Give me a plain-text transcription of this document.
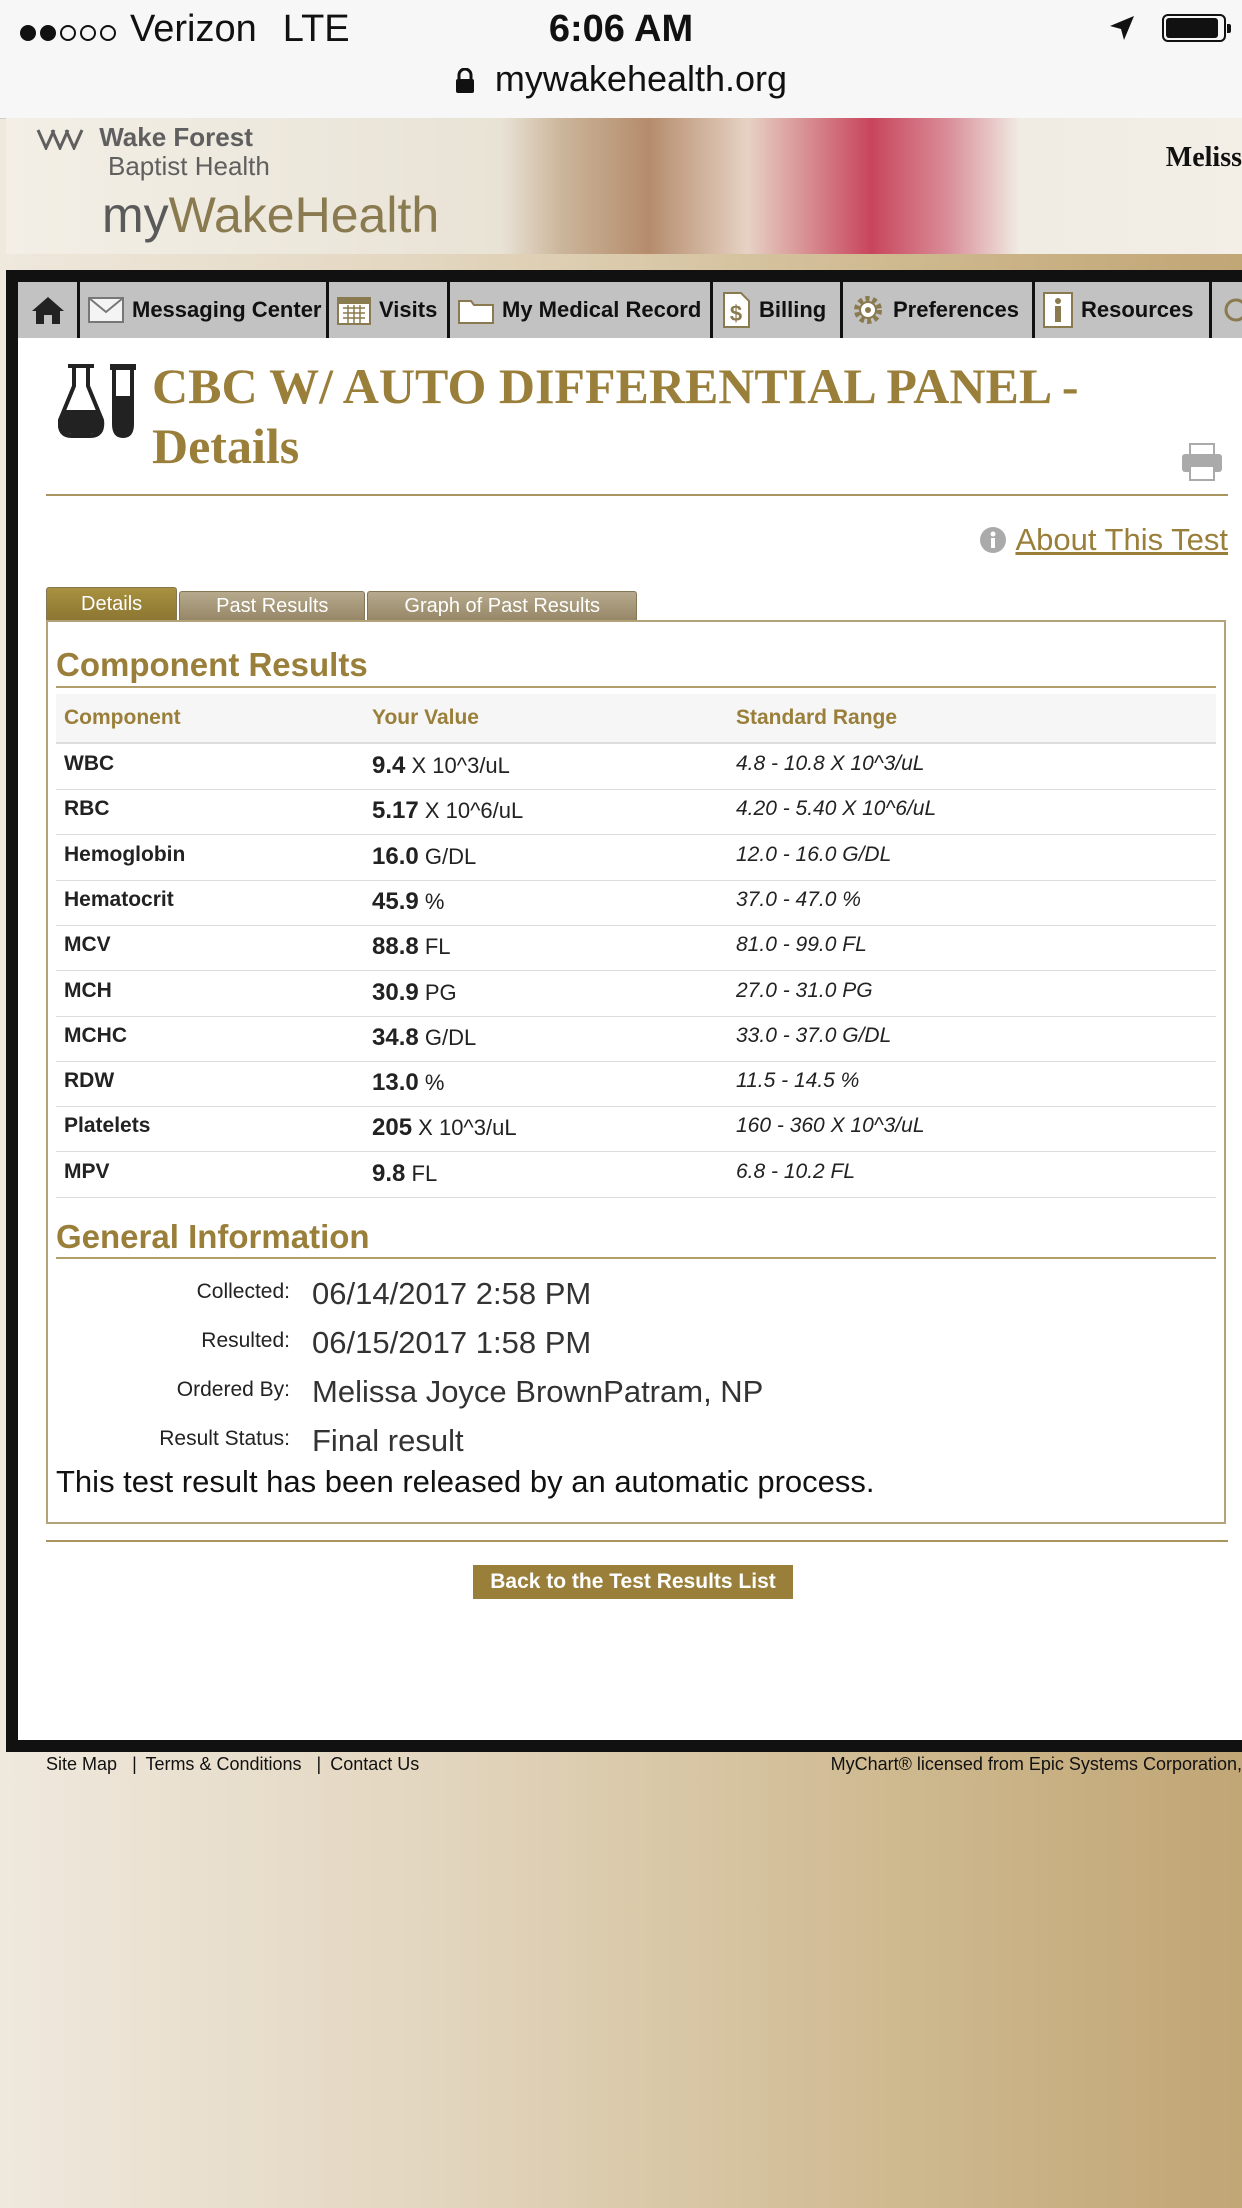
Verizon LTE	6:06 AM
mywakehealth.org
Wake Forest
Baptist Health
myWakeHealth
Meliss
Messaging Center	Visits	My Medical Record $ Billing	Preferences	Resources
CBC W/ AUTO DIFFERENTIAL PANEL - Details
About This Test
Details	Past Results	Graph of Past Results
Component Results
Component	Your Value	Standard Range
WBC	9.4 X 10^3/uL	4.8 - 10.8 X 10^3/uL
RBC	5.17 X 10^6/uL	4.20 - 5.40 X 10^6/uL
Hemoglobin	16.0 G/DL	12.0 - 16.0 G/DL
Hematocrit	45.9 %	37.0 - 47.0 %
MCV	88.8 FL	81.0 - 99.0 FL
MCH	30.9 PG	27.0 - 31.0 PG
MCHC	34.8 G/DL	33.0 - 37.0 G/DL
RDW	13.0 %	11.5 - 14.5 %
Platelets	205 X 10^3/uL	160 - 360 X 10^3/uL
MPV	9.8 FL	6.8 - 10.2 FL
General Information
Collected: 06/14/2017 2:58 PM
Resulted: 06/15/2017 1:58 PM
Ordered By: Melissa Joyce BrownPatram, NP
Result Status: Final result
This test result has been released by an automatic process.
Back to the Test Results List
Site Map | Terms & Conditions | Contact Us	MyChart® licensed from Epic Systems Corporation,
